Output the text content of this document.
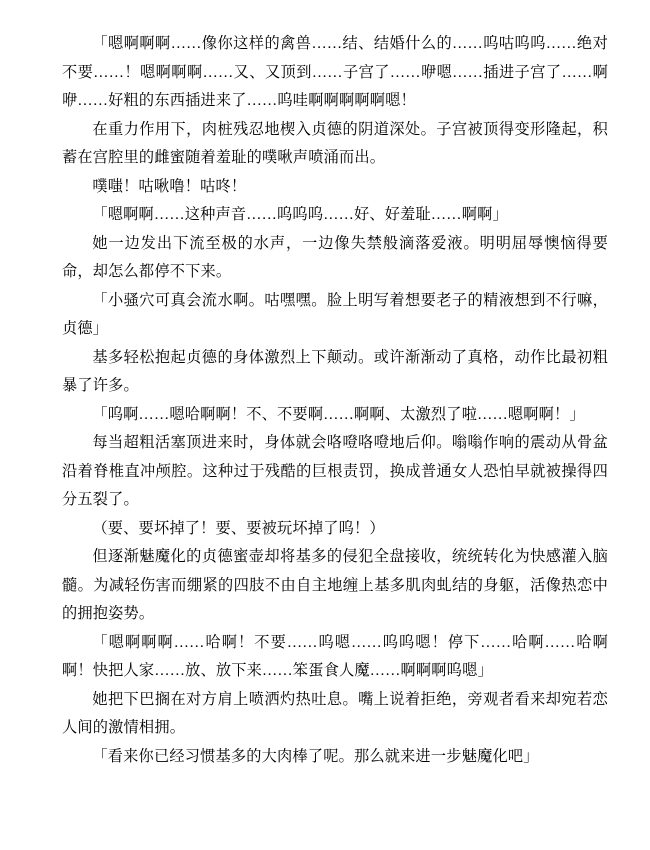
「嗯啊啊啊……像你这样的禽兽……结、结婚什么的……呜咕呜呜……绝对不要……！嗯啊啊啊……又、又顶到……子宫了……咿嗯……插进子宫了……啊咿……好粗的东西插进来了……呜哇啊啊啊啊啊嗯！

在重力作用下，肉桩残忍地楔入贞德的阴道深处。子宫被顶得变形隆起，积蓄在宫腔里的雌蜜随着羞耻的噗啾声喷涌而出。

噗嗤！咕啾噜！咕咚！

「嗯啊啊……这种声音……呜呜呜……好、好羞耻……啊啊」

她一边发出下流至极的水声，一边像失禁般滴落爱液。明明屈辱懊恼得要命，却怎么都停不下来。

「小骚穴可真会流水啊。咕嘿嘿。脸上明写着想要老子的精液想到不行嘛，贞德」

基多轻松抱起贞德的身体激烈上下颠动。或许渐渐动了真格，动作比最初粗暴了许多。

「呜啊……嗯哈啊啊！不、不要啊……啊啊、太激烈了啦……嗯啊啊！」

每当超粗活塞顶进来时，身体就会咯噔咯噔地后仰。嗡嗡作响的震动从骨盆沿着脊椎直冲颅腔。这种过于残酷的巨根责罚，换成普通女人恐怕早就被操得四分五裂了。

（要、要坏掉了！要、要被玩坏掉了呜！）

但逐渐魅魔化的贞德蜜壶却将基多的侵犯全盘接收，统统转化为快感灌入脑髓。为减轻伤害而绷紧的四肢不由自主地缠上基多肌肉虬结的身躯，活像热恋中的拥抱姿势。

「嗯啊啊啊……哈啊！不要……呜嗯……呜呜嗯！停下……哈啊……哈啊啊！快把人家……放、放下来……笨蛋食人魔……啊啊啊呜嗯」

她把下巴搁在对方肩上喷洒灼热吐息。嘴上说着拒绝，旁观者看来却宛若恋人间的激情相拥。

「看来你已经习惯基多的大肉棒了呢。那么就来进一步魅魔化吧」
